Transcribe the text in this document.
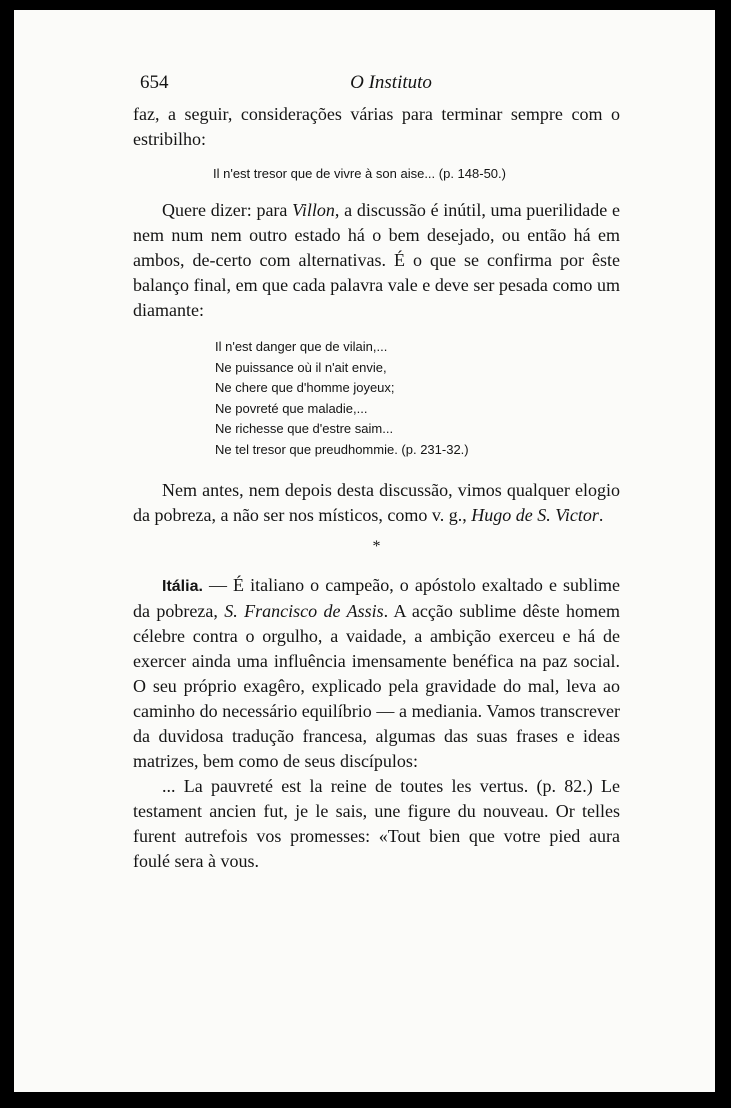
654	O Instituto

faz, a seguir, considerações várias para terminar sempre com o estribilho:

Il n'est tresor que de vivre à son aise... (p. 148-50.)

Quere dizer: para Villon, a discussão é inútil, uma puerilidade e nem num nem outro estado há o bem desejado, ou então há em ambos, de-certo com alternativas. É o que se confirma por êste balanço final, em que cada palavra vale e deve ser pesada como um diamante:

Il n'est danger que de vilain,...
Ne puissance où il n'ait envie,
Ne chere que d'homme joyeux;
Ne povreté que maladie,...
Ne richesse que d'estre saim...
Ne tel tresor que preudhommie. (p. 231-32.)

Nem antes, nem depois desta discussão, vimos qualquer elogio da pobreza, a não ser nos místicos, como v. g., Hugo de S. Victor.

*

Itália. — É italiano o campeão, o apóstolo exaltado e sublime da pobreza, S. Francisco de Assis. A acção sublime dêste homem célebre contra o orgulho, a vaidade, a ambição exerceu e há de exercer ainda uma influência imensamente benéfica na paz social. O seu próprio exagêro, explicado pela gravidade do mal, leva ao caminho do necessário equilíbrio — a mediania. Vamos transcrever da duvidosa tradução francesa, algumas das suas frases e ideas matrizes, bem como de seus discípulos:

... La pauvreté est la reine de toutes les vertus. (p. 82.) Le testament ancien fut, je le sais, une figure du nouveau. Or telles furent autrefois vos promesses: «Tout bien que votre pied aura foulé sera à vous.
